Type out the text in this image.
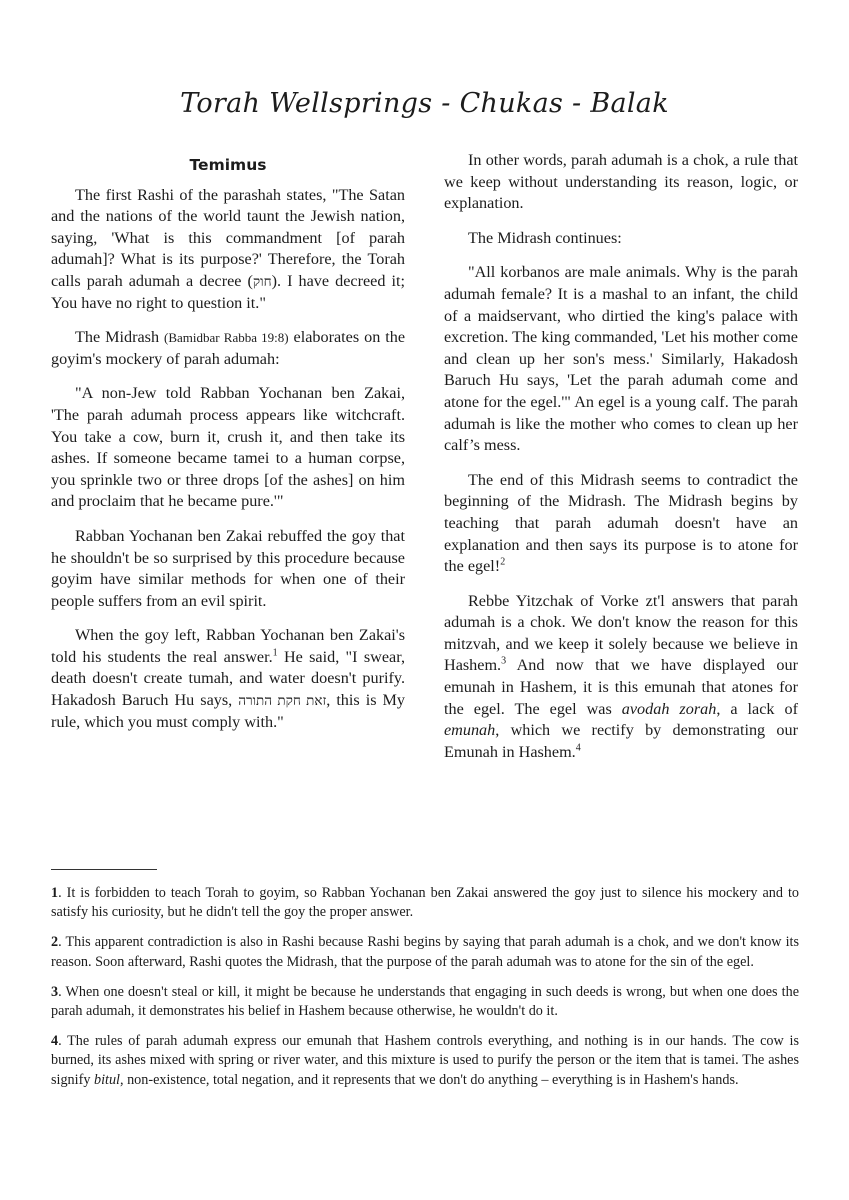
Torah Wellsprings - Chukas - Balak
Temimus

The first Rashi of the parashah states, "The Satan and the nations of the world taunt the Jewish nation, saying, 'What is this commandment [of parah adumah]? What is its purpose?' Therefore, the Torah calls parah adumah a decree (חוק). I have decreed it; You have no right to question it."

The Midrash (Bamidbar Rabba 19:8) elaborates on the goyim's mockery of parah adumah:

"A non-Jew told Rabban Yochanan ben Zakai, 'The parah adumah process appears like witchcraft. You take a cow, burn it, crush it, and then take its ashes. If someone became tamei to a human corpse, you sprinkle two or three drops [of the ashes] on him and proclaim that he became pure.'"

Rabban Yochanan ben Zakai rebuffed the goy that he shouldn't be so surprised by this procedure because goyim have similar methods for when one of their people suffers from an evil spirit.

When the goy left, Rabban Yochanan ben Zakai's told his students the real answer.$^1$ He said, "I swear, death doesn't create tumah, and water doesn't purify. Hakadosh Baruch Hu says, זאת חקת התורה, this is My rule, which you must comply with."

In other words, parah adumah is a chok, a rule that we keep without understanding its reason, logic, or explanation.

The Midrash continues:

"All korbanos are male animals. Why is the parah adumah female? It is a mashal to an infant, the child of a maidservant, who dirtied the king's palace with excretion. The king commanded, 'Let his mother come and clean up her son's mess.' Similarly, Hakadosh Baruch Hu says, 'Let the parah adumah come and atone for the egel.'" An egel is a young calf. The parah adumah is like the mother who comes to clean up her calf’s mess.

The end of this Midrash seems to contradict the beginning of the Midrash. The Midrash begins by teaching that parah adumah doesn't have an explanation and then says its purpose is to atone for the egel!$^2$

Rebbe Yitzchak of Vorke zt'l answers that parah adumah is a chok. We don't know the reason for this mitzvah, and we keep it solely because we believe in Hashem.$^3$ And now that we have displayed our emunah in Hashem, it is this emunah that atones for the egel. The egel was avodah zorah, a lack of emunah, which we rectify by demonstrating our Emunah in Hashem.$^4$

1. It is forbidden to teach Torah to goyim, so Rabban Yochanan ben Zakai answered the goy just to silence his mockery and to satisfy his curiosity, but he didn't tell the goy the proper answer.

2. This apparent contradiction is also in Rashi because Rashi begins by saying that parah adumah is a chok, and we don't know its reason. Soon afterward, Rashi quotes the Midrash, that the purpose of the parah adumah was to atone for the sin of the egel.

3. When one doesn't steal or kill, it might be because he understands that engaging in such deeds is wrong, but when one does the parah adumah, it demonstrates his belief in Hashem because otherwise, he wouldn't do it.

4. The rules of parah adumah express our emunah that Hashem controls everything, and nothing is in our hands. The cow is burned, its ashes mixed with spring or river water, and this mixture is used to purify the person or the item that is tamei. The ashes signify bitul, non-existence, total negation, and it represents that we don't do anything – everything is in Hashem's hands.
